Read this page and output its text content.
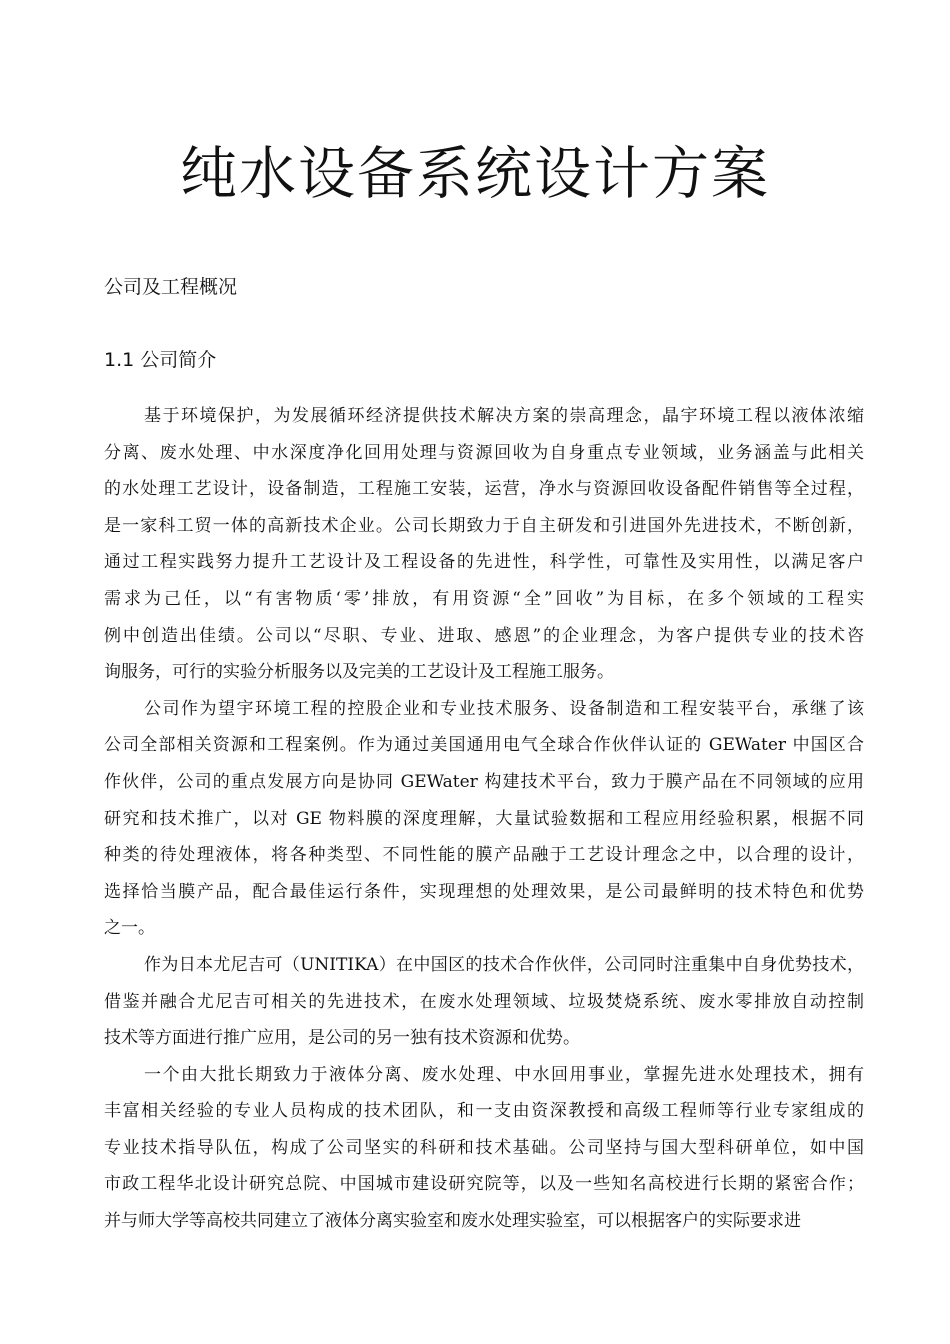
纯水设备系统设计方案
公司及工程概况
1.1 公司简介
基于环境保护，为发展循环经济提供技术解决方案的崇高理念，晶宇环境工程以液体浓缩
分离、废水处理、中水深度净化回用处理与资源回收为自身重点专业领域，业务涵盖与此相关
的水处理工艺设计，设备制造，工程施工安装，运营，净水与资源回收设备配件销售等全过程，
是一家科工贸一体的高新技术企业。公司长期致力于自主研发和引进国外先进技术，不断创新，
通过工程实践努力提升工艺设计及工程设备的先进性，科学性，可靠性及实用性，以满足客户
需求为己任，以“有害物质‘零’排放，有用资源“全”回收”为目标，在多个领域的工程实
例中创造出佳绩。公司以“尽职、专业、进取、感恩”的企业理念，为客户提供专业的技术咨
询服务，可行的实验分析服务以及完美的工艺设计及工程施工服务。
公司作为望宇环境工程的控股企业和专业技术服务、设备制造和工程安装平台，承继了该
公司全部相关资源和工程案例。作为通过美国通用电气全球合作伙伴认证的 GEWater 中国区合
作伙伴，公司的重点发展方向是协同 GEWater 构建技术平台，致力于膜产品在不同领域的应用
研究和技术推广，以对 GE 物料膜的深度理解，大量试验数据和工程应用经验积累，根据不同
种类的待处理液体，将各种类型、不同性能的膜产品融于工艺设计理念之中，以合理的设计，
选择恰当膜产品，配合最佳运行条件，实现理想的处理效果，是公司最鲜明的技术特色和优势
之一。
作为日本尤尼吉可（UNITIKA）在中国区的技术合作伙伴，公司同时注重集中自身优势技术，
借鉴并融合尤尼吉可相关的先进技术，在废水处理领域、垃圾焚烧系统、废水零排放自动控制
技术等方面进行推广应用，是公司的另一独有技术资源和优势。
一个由大批长期致力于液体分离、废水处理、中水回用事业，掌握先进水处理技术，拥有
丰富相关经验的专业人员构成的技术团队，和一支由资深教授和高级工程师等行业专家组成的
专业技术指导队伍，构成了公司坚实的科研和技术基础。公司坚持与国大型科研单位，如中国
市政工程华北设计研究总院、中国城市建设研究院等，以及一些知名高校进行长期的紧密合作；
并与师大学等高校共同建立了液体分离实验室和废水处理实验室，可以根据客户的实际要求进
